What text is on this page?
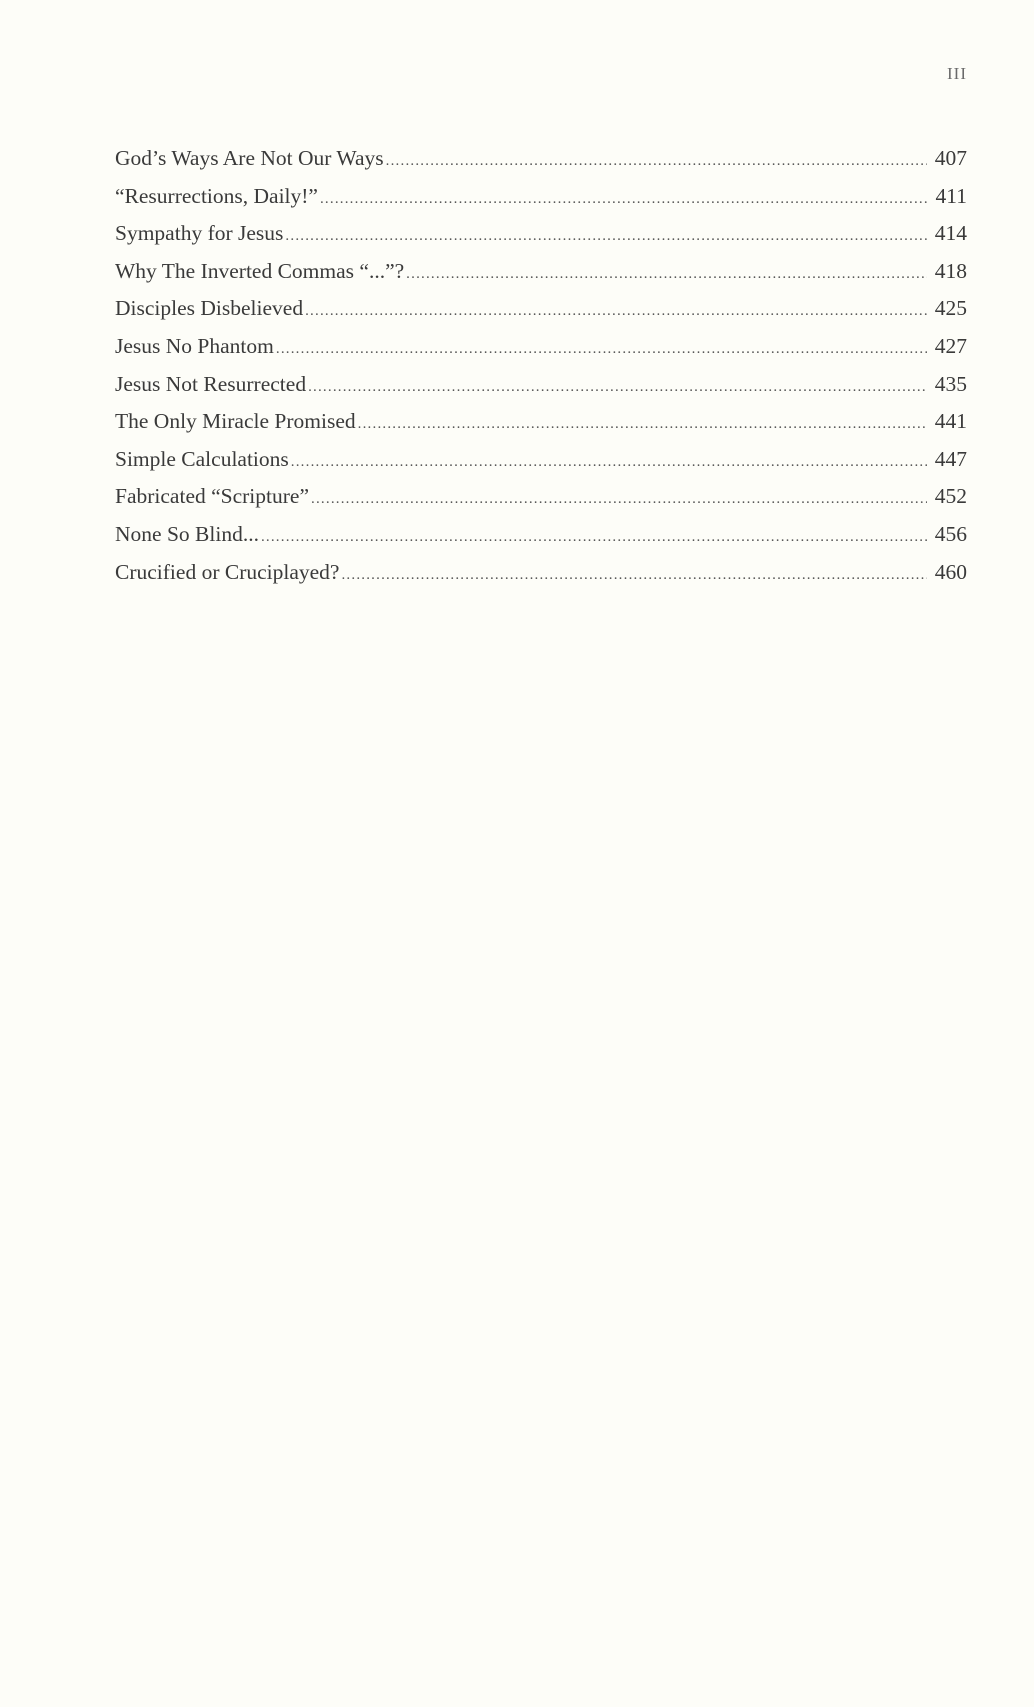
III
God’s Ways Are Not Our Ways .....	407
“Resurrections, Daily!” .....	411
Sympathy for Jesus .....	414
Why The Inverted Commas “...”? .....	418
Disciples Disbelieved .....	425
Jesus No Phantom .....	427
Jesus Not Resurrected .....	435
The Only Miracle Promised .....	441
Simple Calculations .....	447
Fabricated “Scripture” .....	452
None So Blind... .....	456
Crucified or Cruciplayed? .....	460
